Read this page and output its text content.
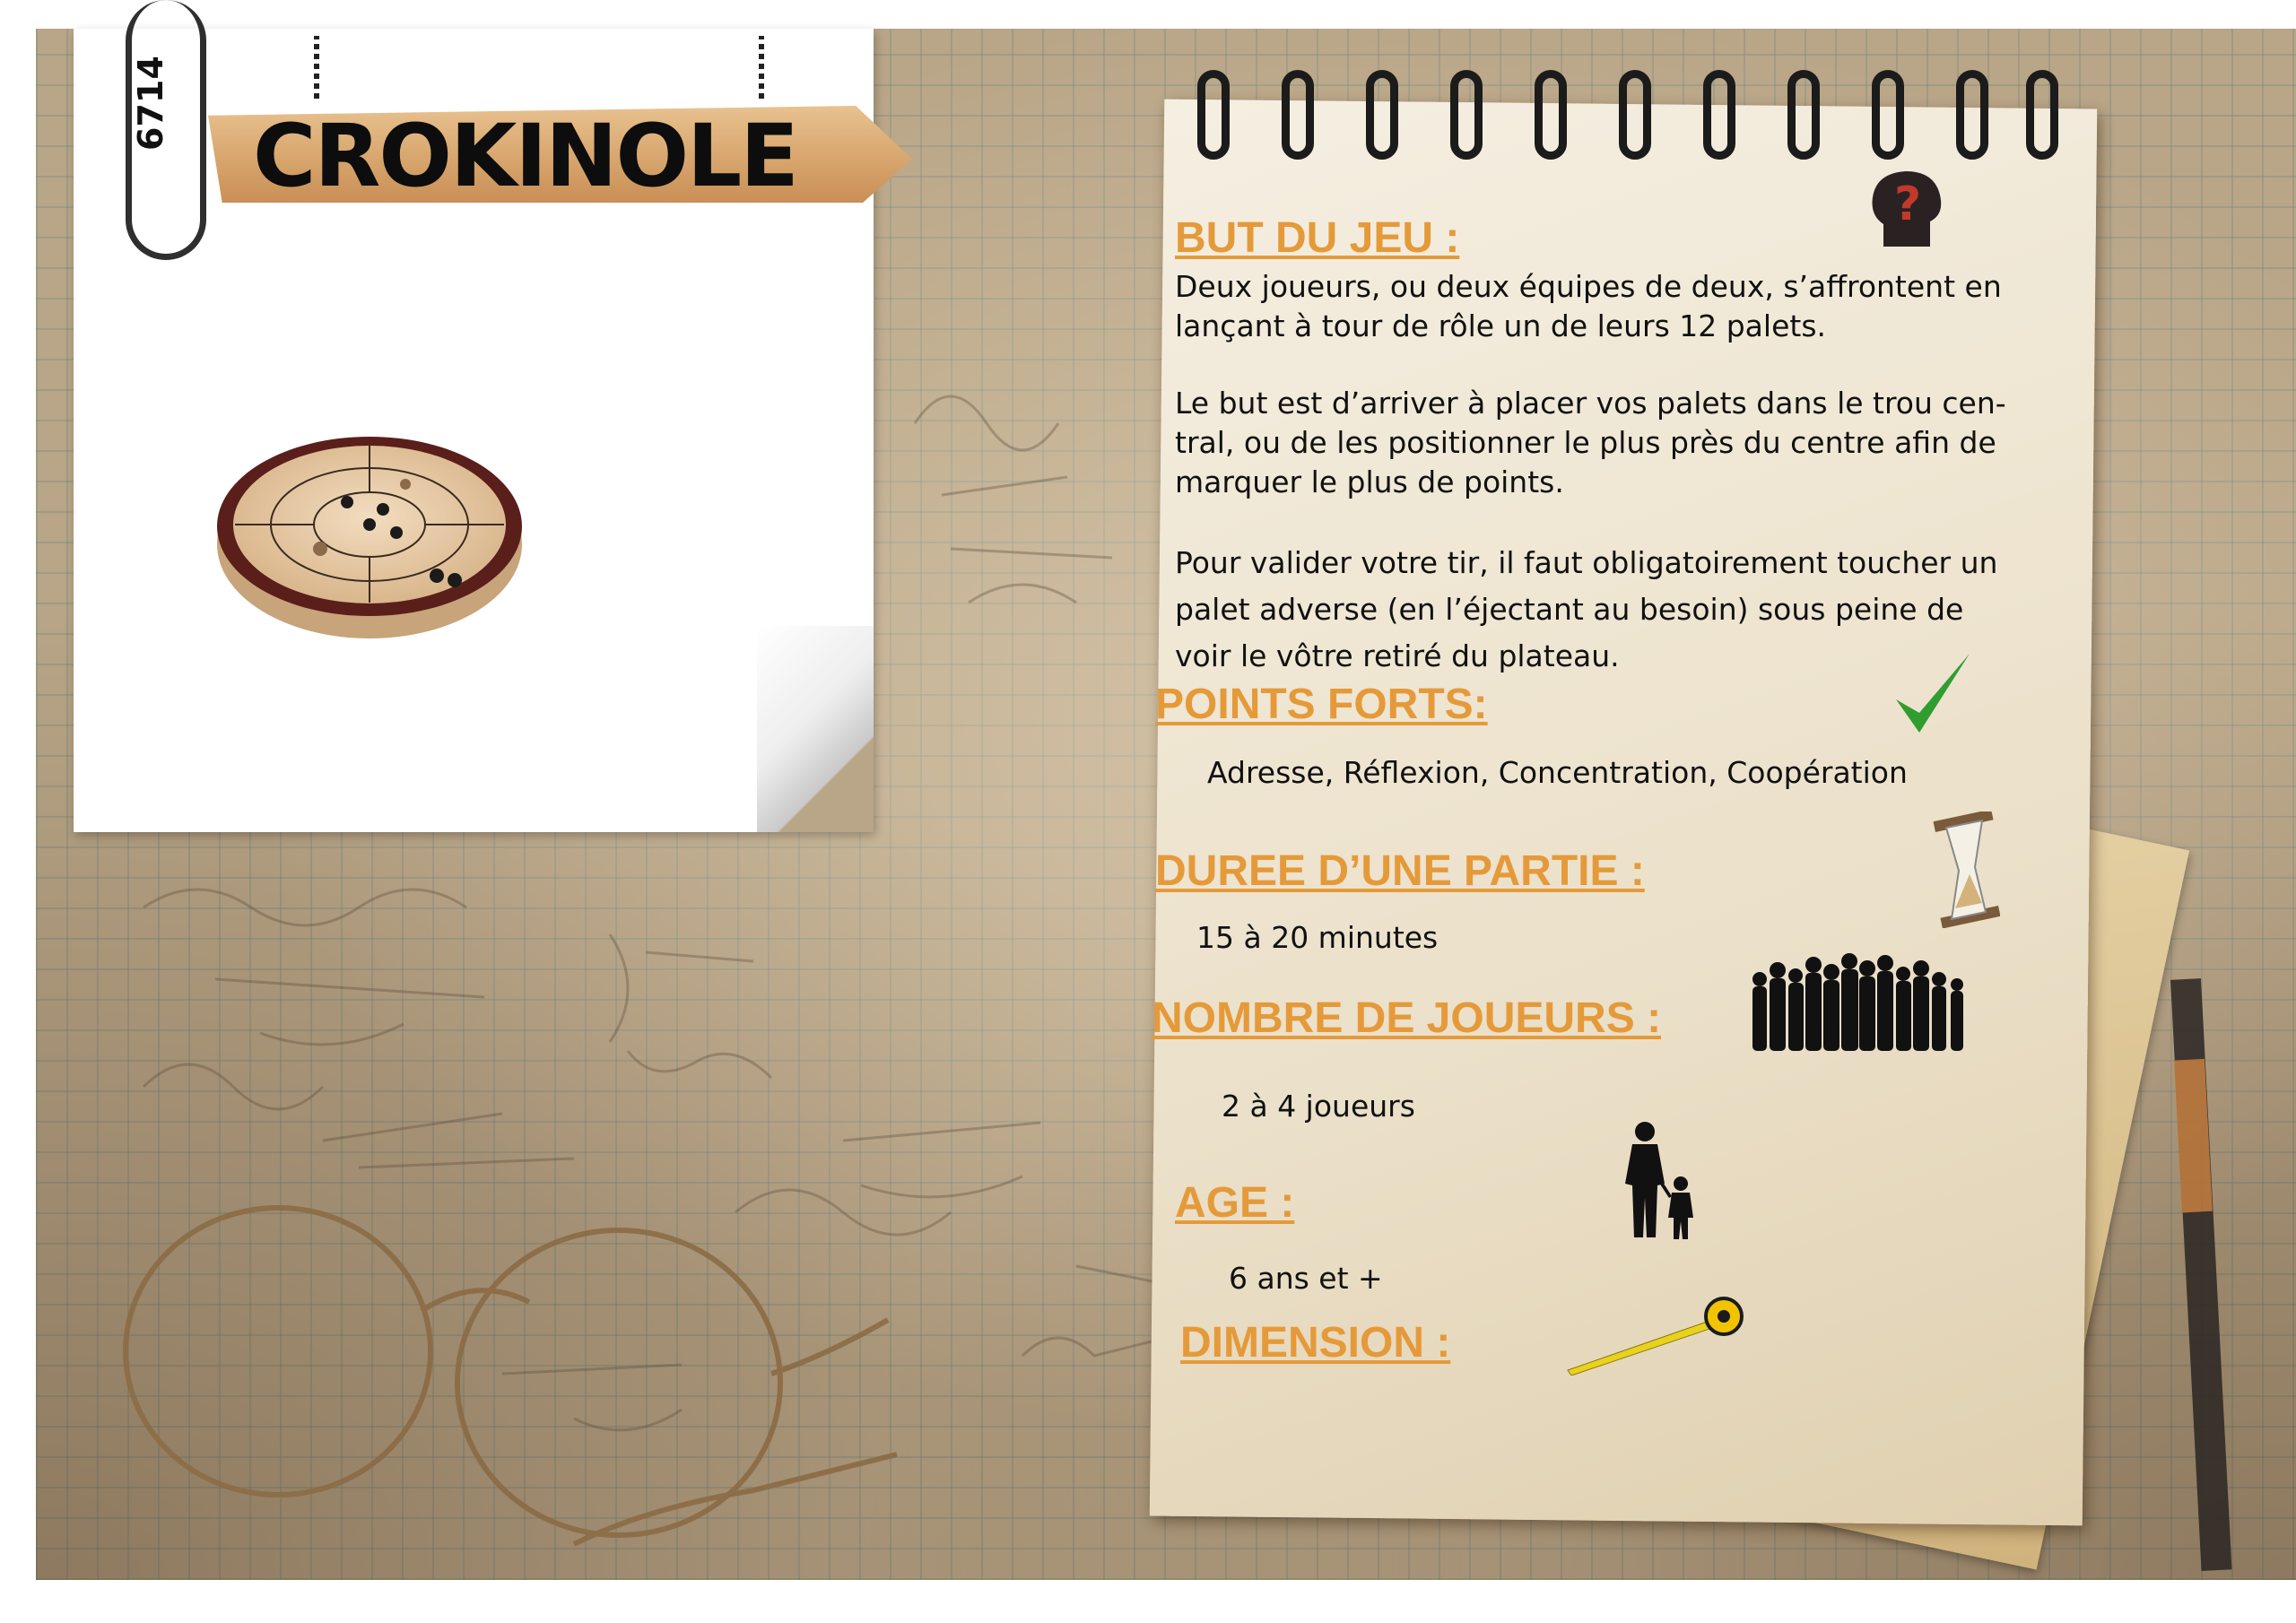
6714
CROKINOLE
BUT DU JEU :
Deux joueurs, ou deux équipes de deux, s’affrontent en
lançant à tour de rôle un de leurs 12 palets.
Le but est d’arriver à placer vos palets dans le trou cen-
tral, ou de les positionner le plus près du centre afin de
marquer le plus de points.
Pour valider votre tir, il faut obligatoirement toucher un
palet adverse (en l’éjectant au besoin) sous peine de
voir le vôtre retiré du plateau.
?
POINTS FORTS:
Adresse, Réflexion, Concentration, Coopération
DUREE D’UNE PARTIE :
15 à 20 minutes
NOMBRE DE JOUEURS :
2 à 4 joueurs
AGE :
6 ans et +
DIMENSION :
